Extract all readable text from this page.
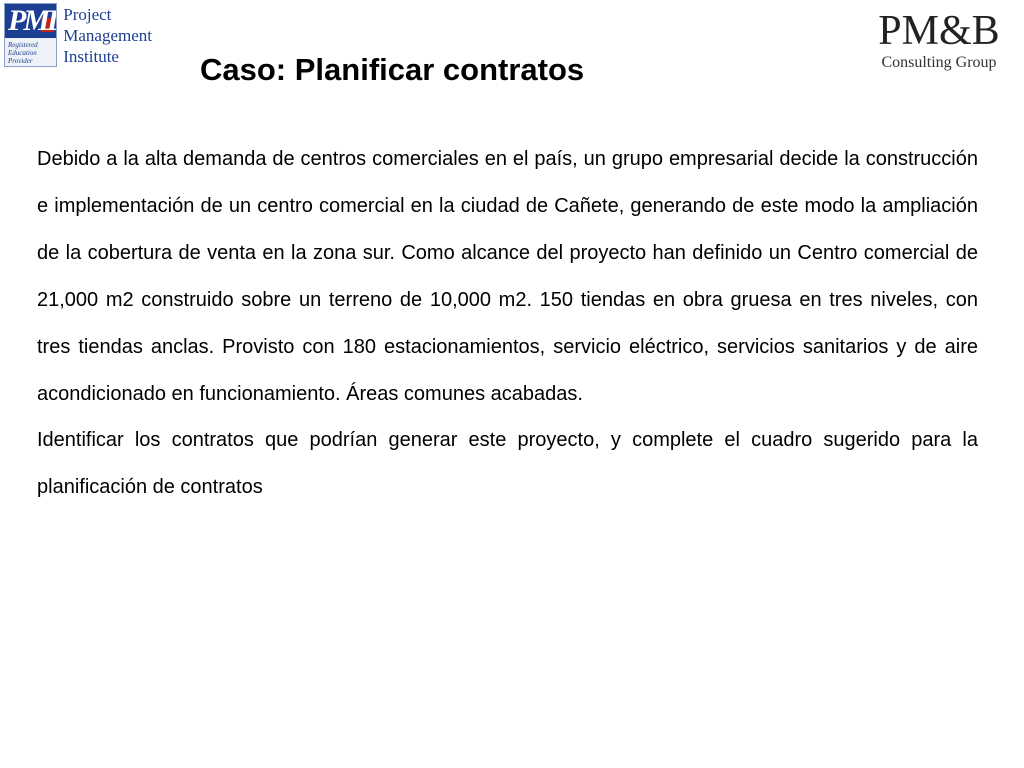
PMI
Registered
Education
Provider
Project
Management
Institute
PM&B
Consulting Group
Caso: Planificar contratos

Debido a la alta demanda de centros comerciales en el país, un grupo empresarial decide la construcción e implementación de un centro comercial en la ciudad de Cañete, generando de este modo la ampliación de la cobertura de venta en la zona sur. Como alcance del proyecto han definido un Centro comercial de 21,000 m2 construido sobre un terreno de 10,000 m2. 150 tiendas en obra gruesa en tres niveles, con tres tiendas anclas. Provisto con 180 estacionamientos, servicio eléctrico, servicios sanitarios y de aire acondicionado en funcionamiento. Áreas comunes acabadas.

Identificar los contratos que podrían generar este proyecto, y complete el cuadro sugerido para la planificación de contratos
